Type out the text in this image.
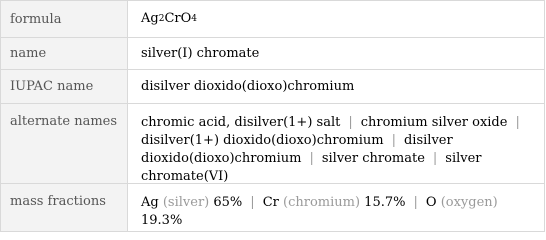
formula	Ag 2 CrO 4
name	silver(I) chromate
IUPAC name	disilver dioxido(dioxo)chromium
alternate names	chromic acid, disilver(1+) salt | chromium silver oxide |
disilver(1+) dioxido(dioxo)chromium | disilver
dioxido(dioxo)chromium | silver chromate | silver
chromate(VI)
mass fractions	Ag (silver) 65% | Cr (chromium) 15.7% | O (oxygen)
19.3%
